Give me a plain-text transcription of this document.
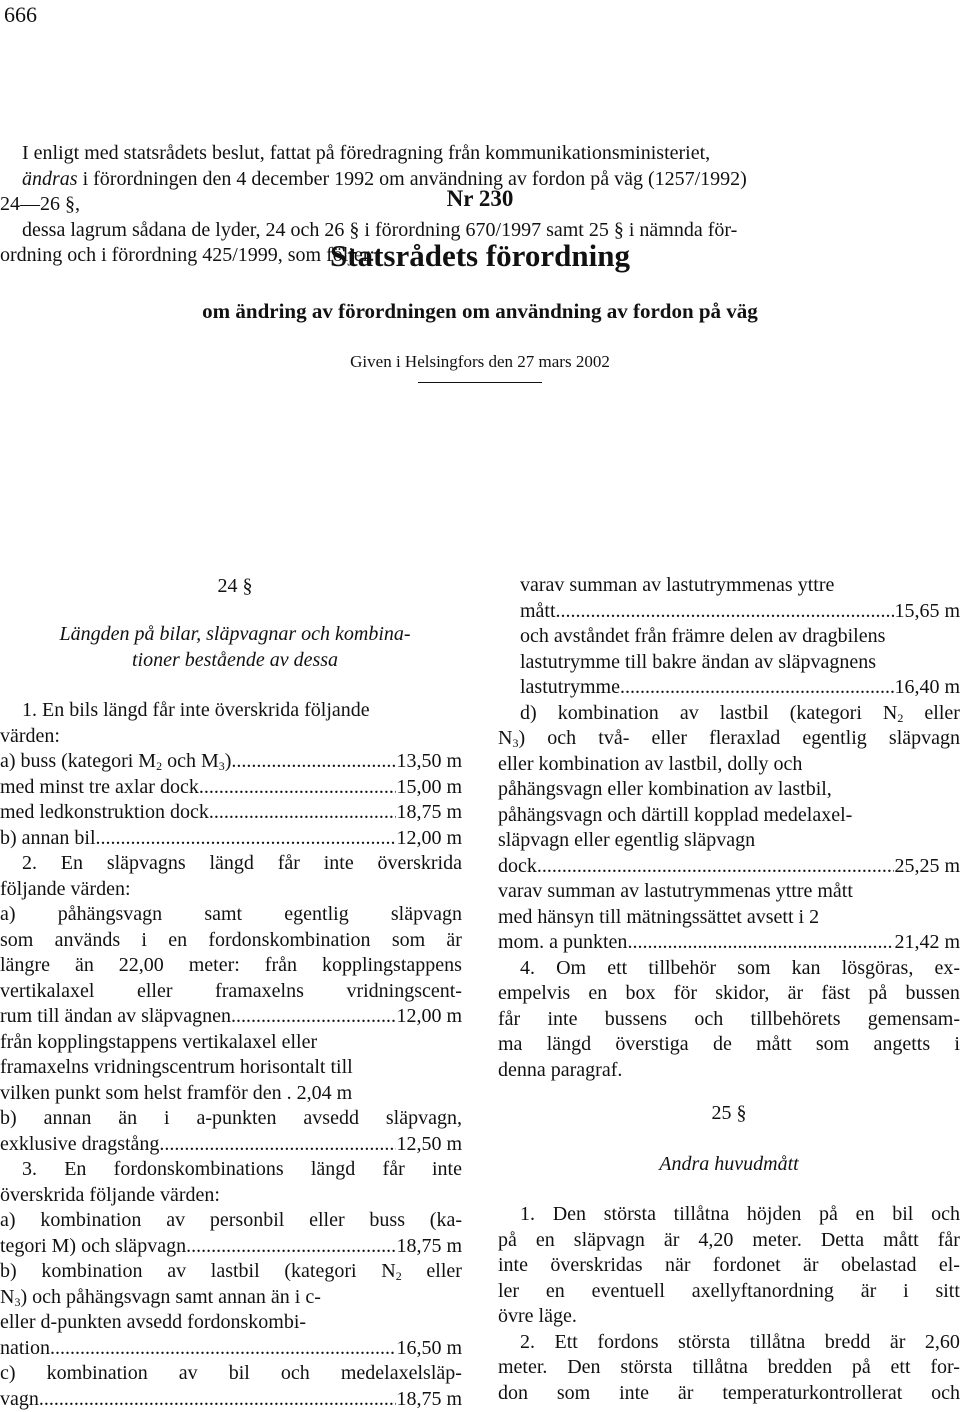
666
Nr 230
Statsrådets förordning
om ändring av förordningen om användning av fordon på väg
Given i Helsingfors den 27 mars 2002
I enligt med statsrådets beslut, fattat på föredragning från kommunikationsministeriet,
ändras i förordningen den 4 december 1992 om användning av fordon på väg (1257/1992)
24—26 §,
dessa lagrum sådana de lyder, 24 och 26 § i förordning 670/1997 samt 25 § i nämnda för-
ordning och i förordning 425/1999, som följer:
24 §
Längden på bilar, släpvagnar och kombina-
tioner bestående av dessa
1. En bils längd får inte överskrida följande
värden:
a) buss (kategori $M_2$ och $M_3$) .....	13,50 m
med minst tre axlar dock .....	15,00 m
med ledkonstruktion dock .....	18,75 m
b) annan bil .....	12,00 m
2. En släpvagns längd får inte överskrida
följande värden:
a) påhängsvagn samt egentlig släpvagn
som används i en fordonskombination som är
längre än 22,00 meter: från kopplingstappens
vertikalaxel eller framaxelns vridningscent-
rum till ändan av släpvagnen .....	12,00 m
från kopplingstappens vertikalaxel eller
framaxelns vridningscentrum horisontalt till
vilken punkt som helst framför den . 2,04 m
b) annan än i a-punkten avsedd släpvagn,
exklusive dragstång .....	12,50 m
3. En fordonskombinations längd får inte
överskrida följande värden:
a) kombination av personbil eller buss (ka-
tegori M) och släpvagn .....	18,75 m
b) kombination av lastbil (kategori $N_2$ eller
$N_3$) och påhängsvagn samt annan än i c-
eller d-punkten avsedd fordonskombi-
nation .....	16,50 m
c) kombination av bil och medelaxelsläp-
vagn .....	18,75 m
varav summan av lastutrymmenas yttre
mått .....	15,65 m
och avståndet från främre delen av dragbilens
lastutrymme till bakre ändan av släpvagnens
lastutrymme .....	16,40 m
d) kombination av lastbil (kategori $N_2$ eller
$N_3$) och två- eller fleraxlad egentlig släpvagn
eller kombination av lastbil, dolly och
påhängsvagn eller kombination av lastbil,
påhängsvagn och därtill kopplad medelaxel-
släpvagn eller egentlig släpvagn
dock .....	25,25 m
varav summan av lastutrymmenas yttre mått
med hänsyn till mätningssättet avsett i 2
mom. a punkten .....	21,42 m
4. Om ett tillbehör som kan lösgöras, ex-
empelvis en box för skidor, är fäst på bussen
får inte bussens och tillbehörets gemensam-
ma längd överstiga de mått som angetts i
denna paragraf.
25 §
Andra huvudmått
1. Den största tillåtna höjden på en bil och
på en släpvagn är 4,20 meter. Detta mått får
inte överskridas när fordonet är obelastad el-
ler en eventuell axellyftanordning är i sitt
övre läge.
2. Ett fordons största tillåtna bredd är 2,60
meter. Den största tillåtna bredden på ett for-
don som inte är temperaturkontrollerat och
